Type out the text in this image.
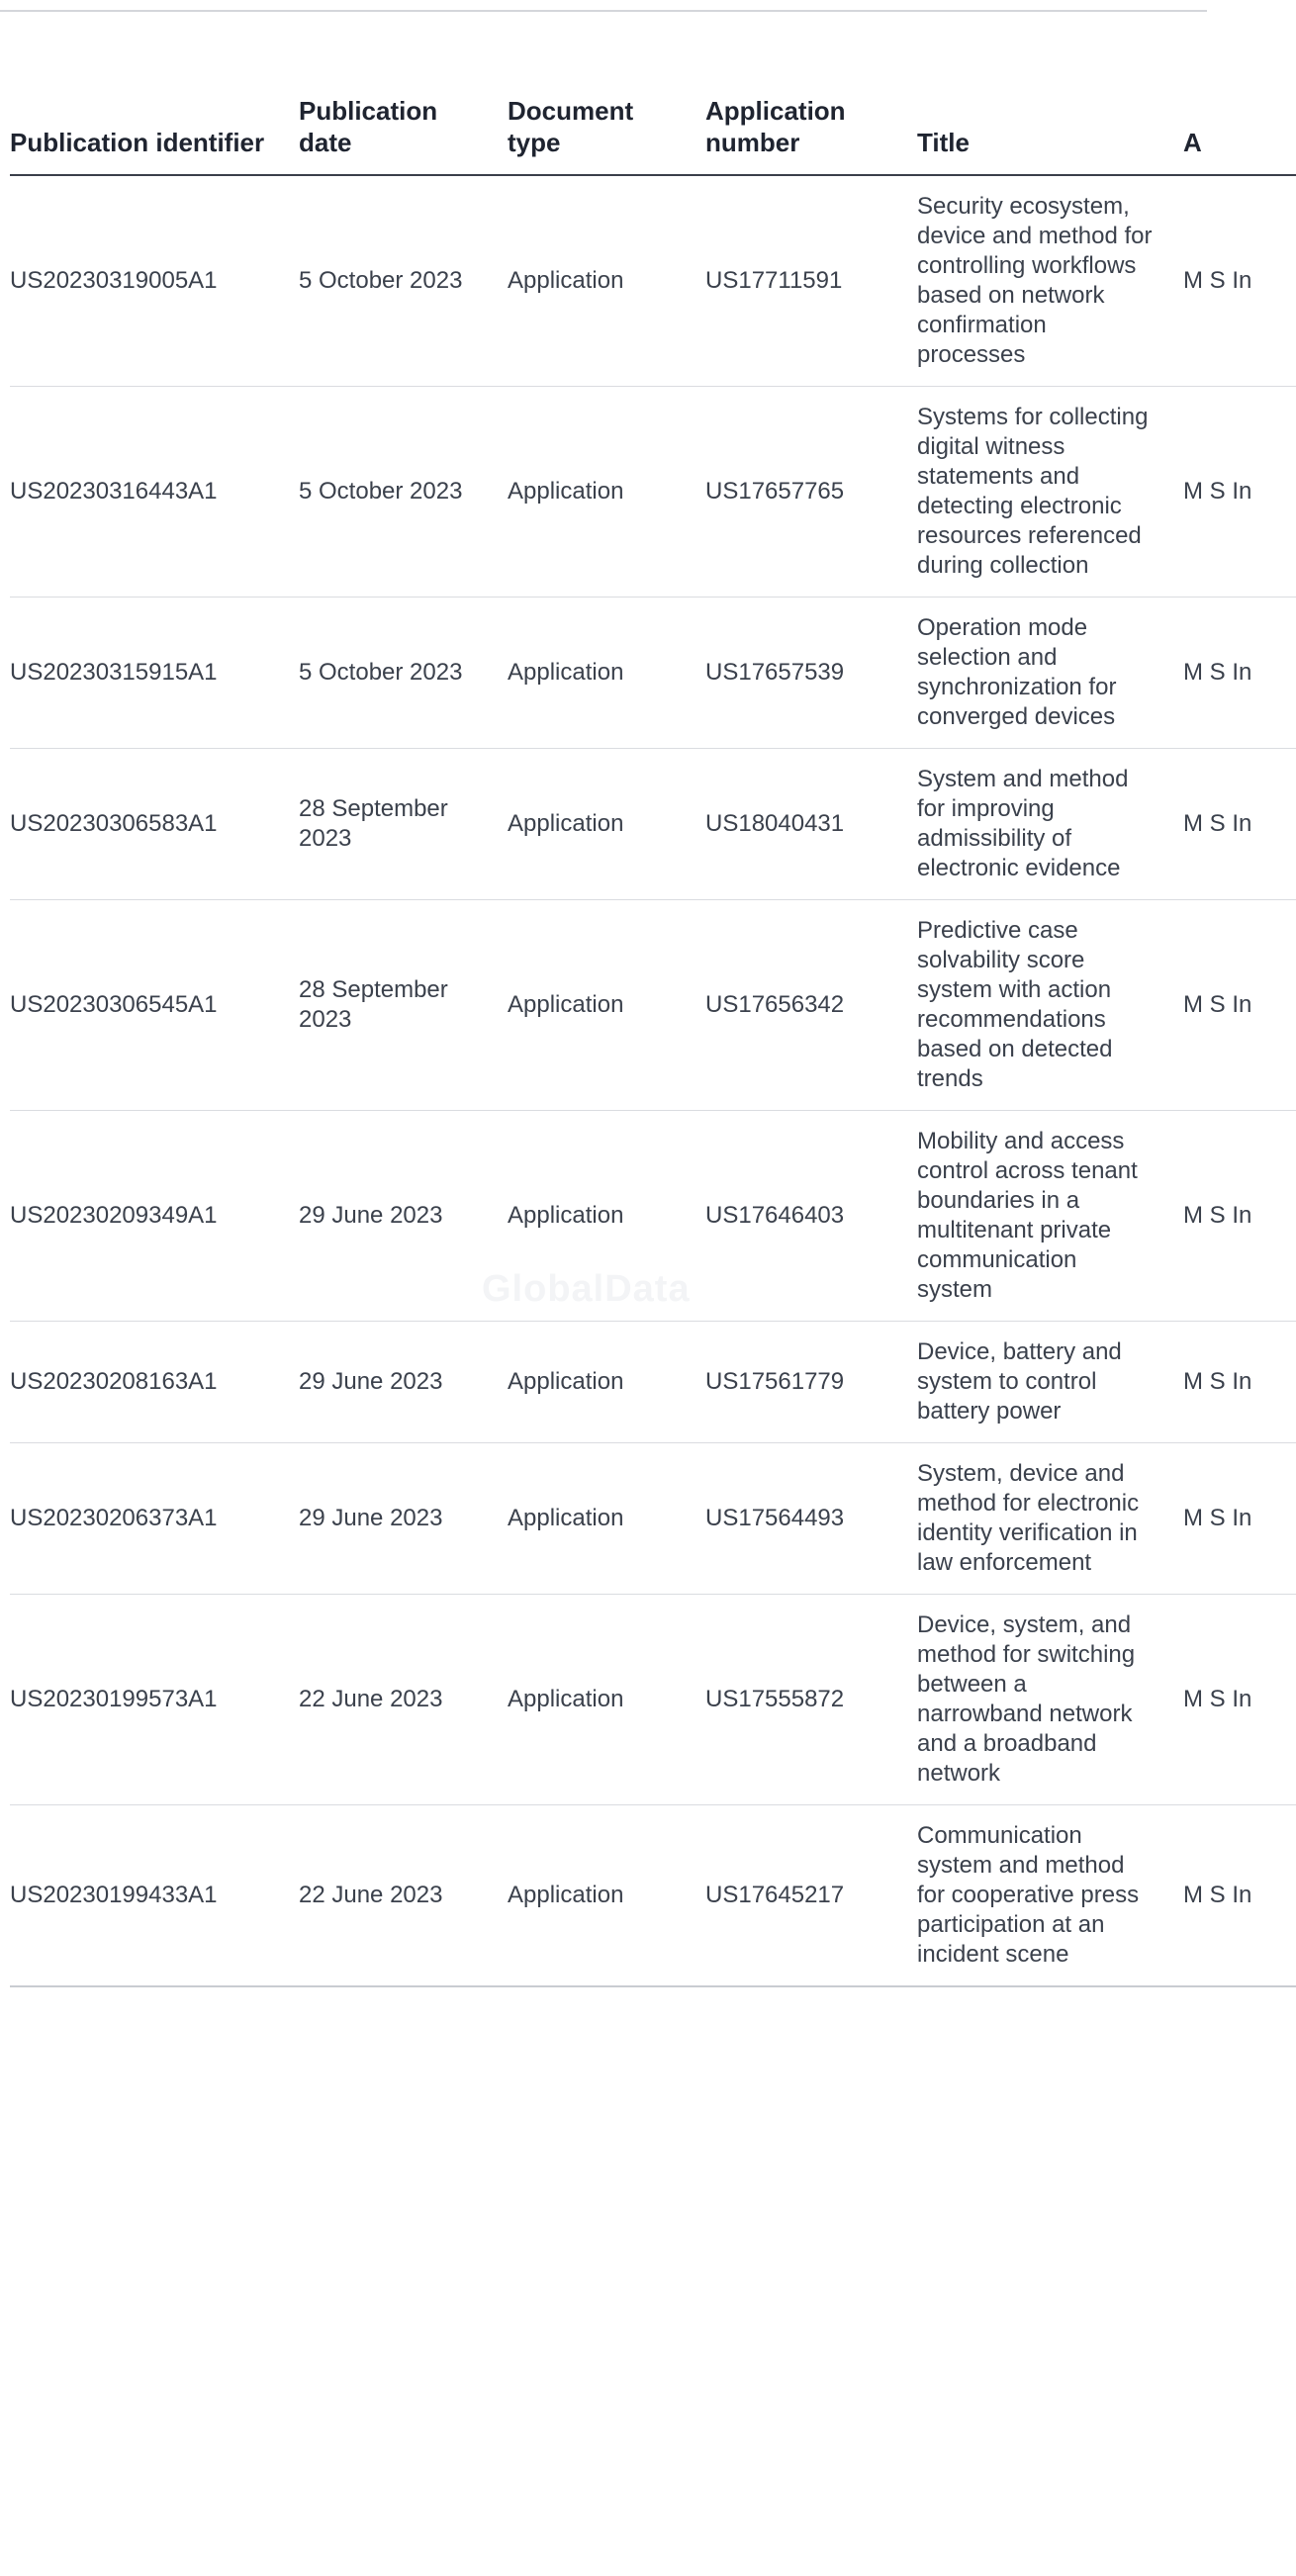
GlobalData
Publication identifier	Publication date	Document type	Application number	Title	A
US20230319005A1	5 October 2023	Application	US17711591	Security ecosystem, device and method for controlling workflows based on network confirmation processes	M S In
US20230316443A1	5 October 2023	Application	US17657765	Systems for collecting digital witness statements and detecting electronic resources referenced during collection	M S In
US20230315915A1	5 October 2023	Application	US17657539	Operation mode selection and synchronization for converged devices	M S In
US20230306583A1	28 September 2023	Application	US18040431	System and method for improving admissibility of electronic evidence	M S In
US20230306545A1	28 September 2023	Application	US17656342	Predictive case solvability score system with action recommendations based on detected trends	M S In
US20230209349A1	29 June 2023	Application	US17646403	Mobility and access control across tenant boundaries in a multitenant private communication system	M S In
US20230208163A1	29 June 2023	Application	US17561779	Device, battery and system to control battery power	M S In
US20230206373A1	29 June 2023	Application	US17564493	System, device and method for electronic identity verification in law enforcement	M S In
US20230199573A1	22 June 2023	Application	US17555872	Device, system, and method for switching between a narrowband network and a broadband network	M S In
US20230199433A1	22 June 2023	Application	US17645217	Communication system and method for cooperative press participation at an incident scene	M S In
